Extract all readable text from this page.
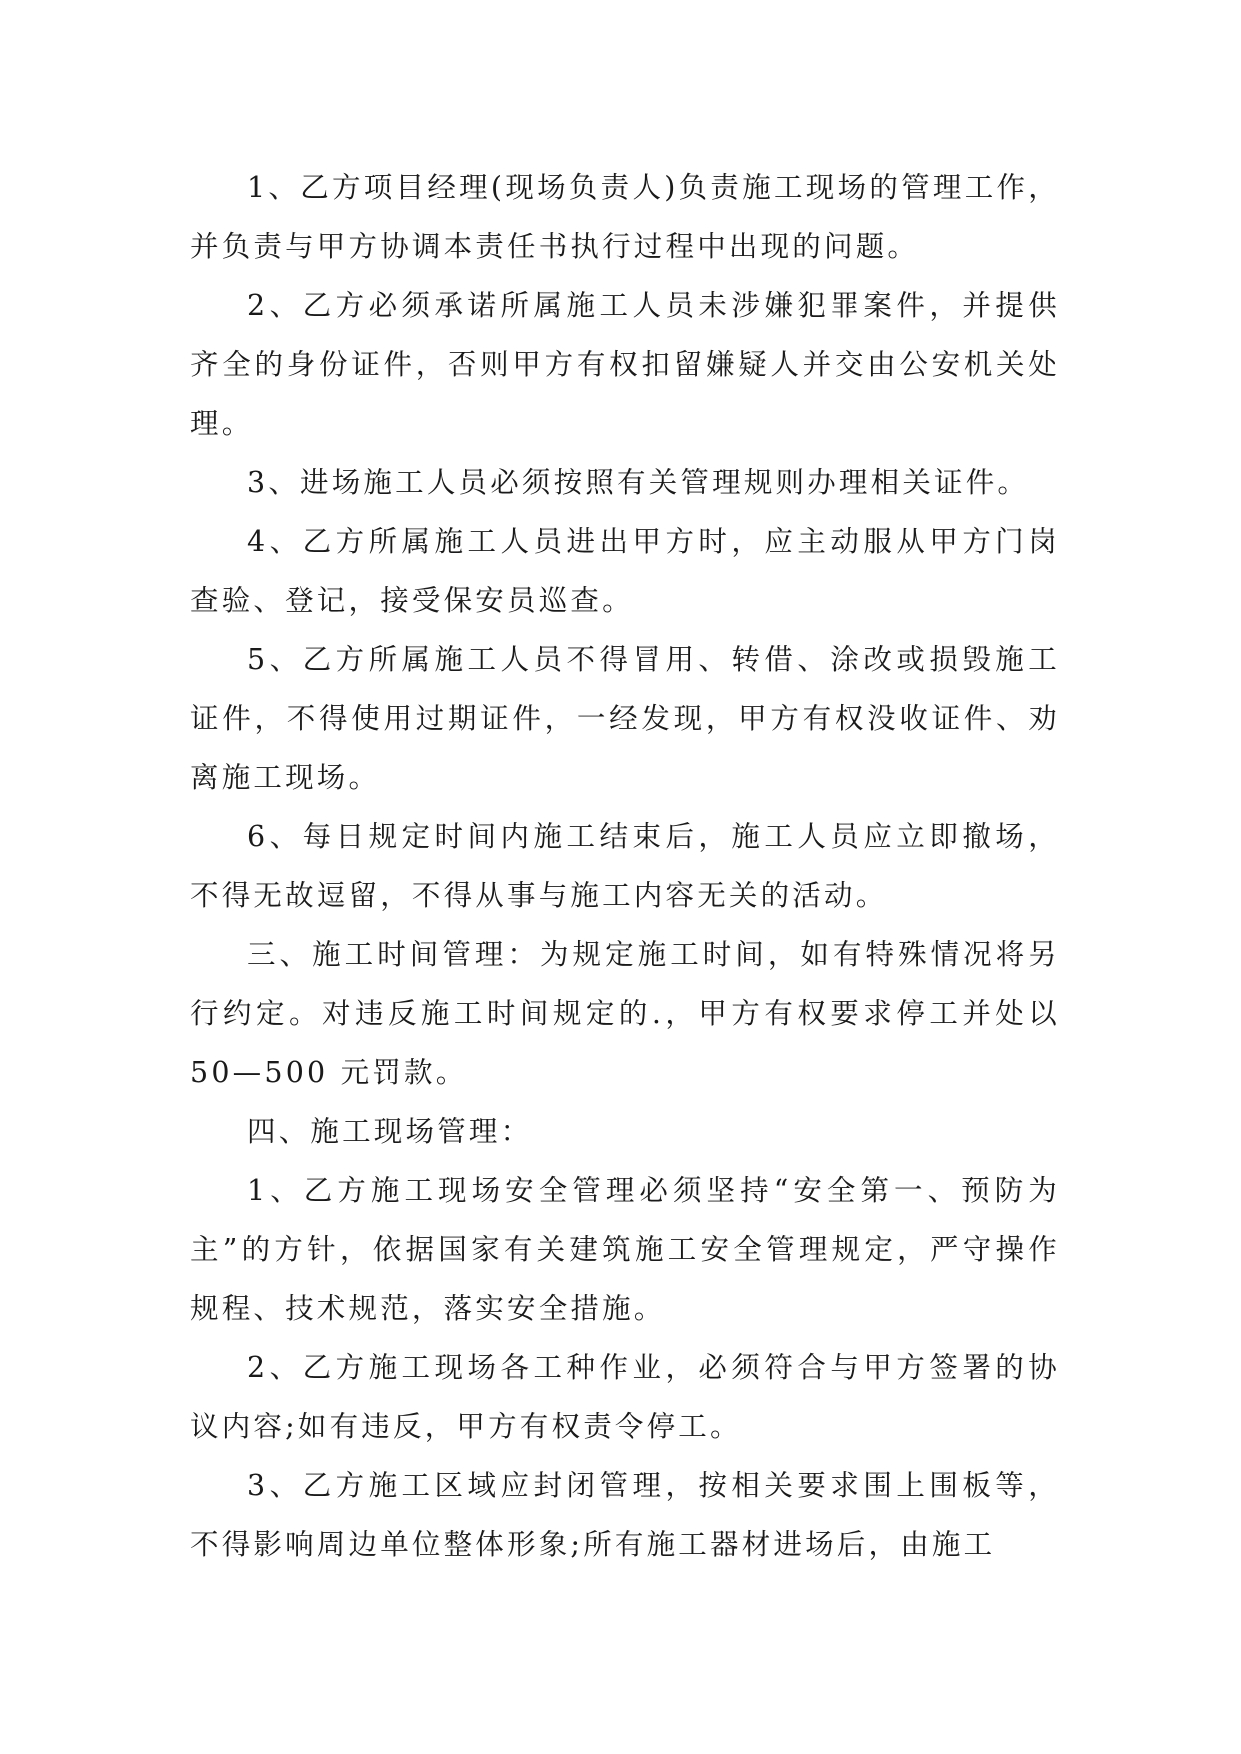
1、乙方项目经理(现场负责人)负责施工现场的管理工作，并负责与甲方协调本责任书执行过程中出现的问题。

2、乙方必须承诺所属施工人员未涉嫌犯罪案件，并提供齐全的身份证件，否则甲方有权扣留嫌疑人并交由公安机关处理。

3、进场施工人员必须按照有关管理规则办理相关证件。

4、乙方所属施工人员进出甲方时，应主动服从甲方门岗查验、登记，接受保安员巡查。

5、乙方所属施工人员不得冒用、转借、涂改或损毁施工证件，不得使用过期证件，一经发现，甲方有权没收证件、劝离施工现场。

6、每日规定时间内施工结束后，施工人员应立即撤场，不得无故逗留，不得从事与施工内容无关的活动。

三、施工时间管理：为规定施工时间，如有特殊情况将另行约定。对违反施工时间规定的.，甲方有权要求停工并处以 50—500 元罚款。

四、施工现场管理：

1、乙方施工现场安全管理必须坚持“安全第一、预防为主”的方针，依据国家有关建筑施工安全管理规定，严守操作规程、技术规范，落实安全措施。

2、乙方施工现场各工种作业，必须符合与甲方签署的协议内容;如有违反，甲方有权责令停工。

3、乙方施工区域应封闭管理，按相关要求围上围板等，不得影响周边单位整体形象;所有施工器材进场后，由施工
